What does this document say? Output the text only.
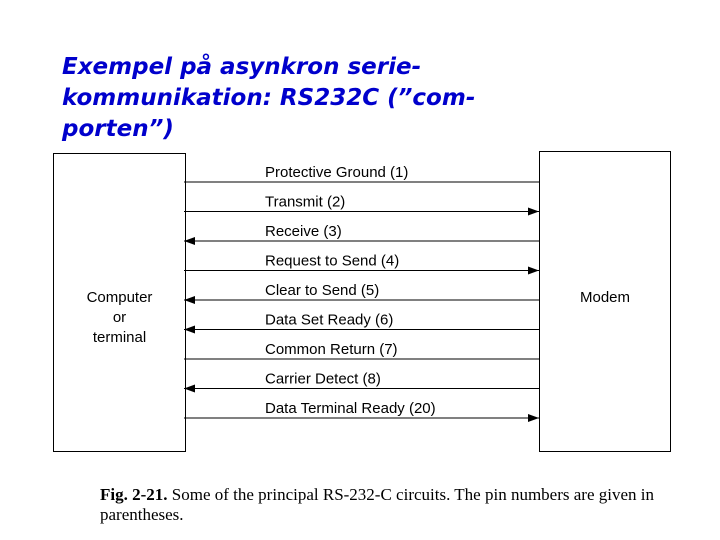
Exempel på asynkron serie-
kommunikation: RS232C (”com-
porten”)
Computer
or
terminal
Modem
Protective Ground (1)
Transmit (2)
Receive (3)
Request to Send (4)
Clear to Send (5)
Data Set Ready (6)
Common Return (7)
Carrier Detect (8)
Data Terminal Ready (20)
Fig. 2-21. Some of the principal RS-232-C circuits. The pin numbers are given in parentheses.
